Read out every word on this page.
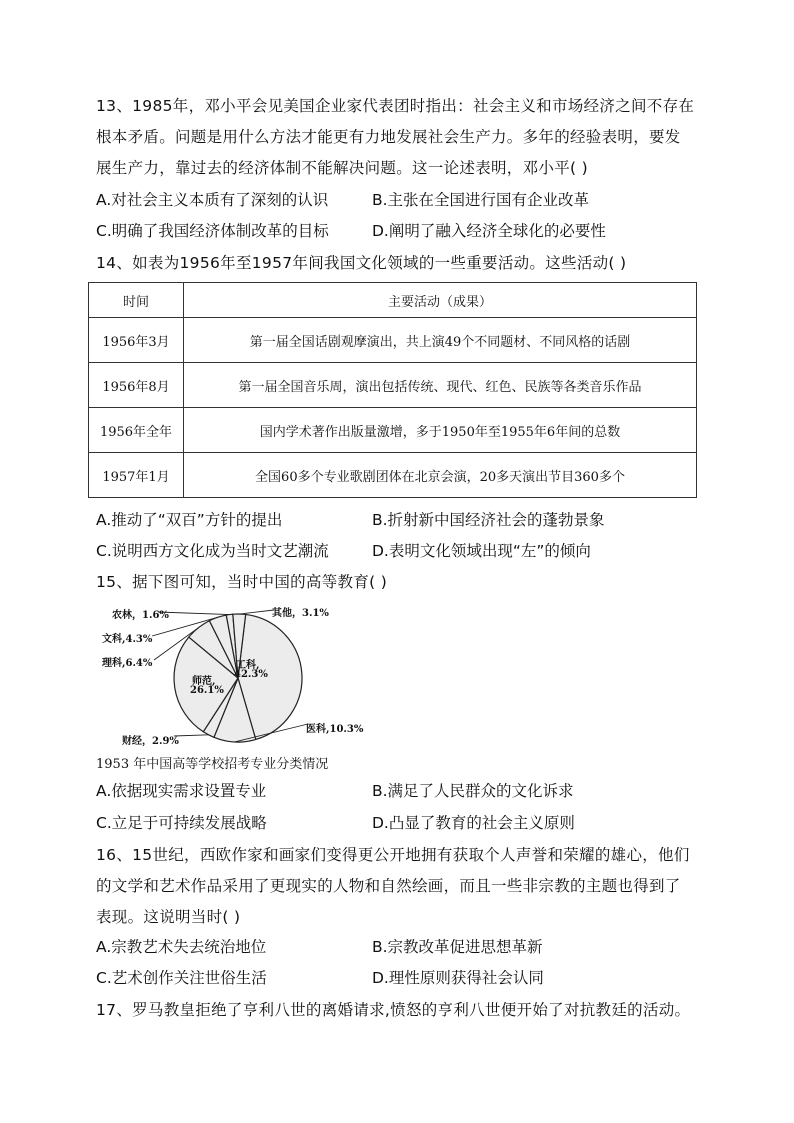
13、1985年，邓小平会见美国企业家代表团时指出：社会主义和市场经济之间不存在
根本矛盾。问题是用什么方法才能更有力地发展社会生产力。多年的经验表明，要发
展生产力，靠过去的经济体制不能解决问题。这一论述表明，邓小平( )
A.对社会主义本质有了深刻的认识	B.主张在全国进行国有企业改革
C.明确了我国经济体制改革的目标	D.阐明了融入经济全球化的必要性
14、如表为1956年至1957年间我国文化领域的一些重要活动。这些活动( )
时间	主要活动（成果）
1956年3月	第一届全国话剧观摩演出，共上演49个不同题材、不同风格的话剧
1956年8月	第一届全国音乐周，演出包括传统、现代、红色、民族等各类音乐作品
1956年全年	国内学术著作出版量激增，多于1950年至1955年6年间的总数
1957年1月	全国60多个专业歌剧团体在北京会演，20多天演出节目360多个
A.推动了“双百”方针的提出	B.折射新中国经济社会的蓬勃景象
C.说明西方文化成为当时文艺潮流	D.表明文化领域出现“左”的倾向
15、据下图可知，当时中国的高等教育( )
农林，1.6%
文科,4.3%
理科,6.4%
其他，3.1%
工科,
42.3%
师范,
26.1%
医科,10.3%
财经，2.9%
1953 年中国高等学校招考专业分类情况
A.依据现实需求设置专业	B.满足了人民群众的文化诉求
C.立足于可持续发展战略	D.凸显了教育的社会主义原则
16、15世纪，西欧作家和画家们变得更公开地拥有获取个人声誉和荣耀的雄心，他们
的文学和艺术作品采用了更现实的人物和自然绘画，而且一些非宗教的主题也得到了
表现。这说明当时( )
A.宗教艺术失去统治地位	B.宗教改革促进思想革新
C.艺术创作关注世俗生活	D.理性原则获得社会认同
17、罗马教皇拒绝了亨利八世的离婚请求,愤怒的亨利八世便开始了对抗教廷的活动。
